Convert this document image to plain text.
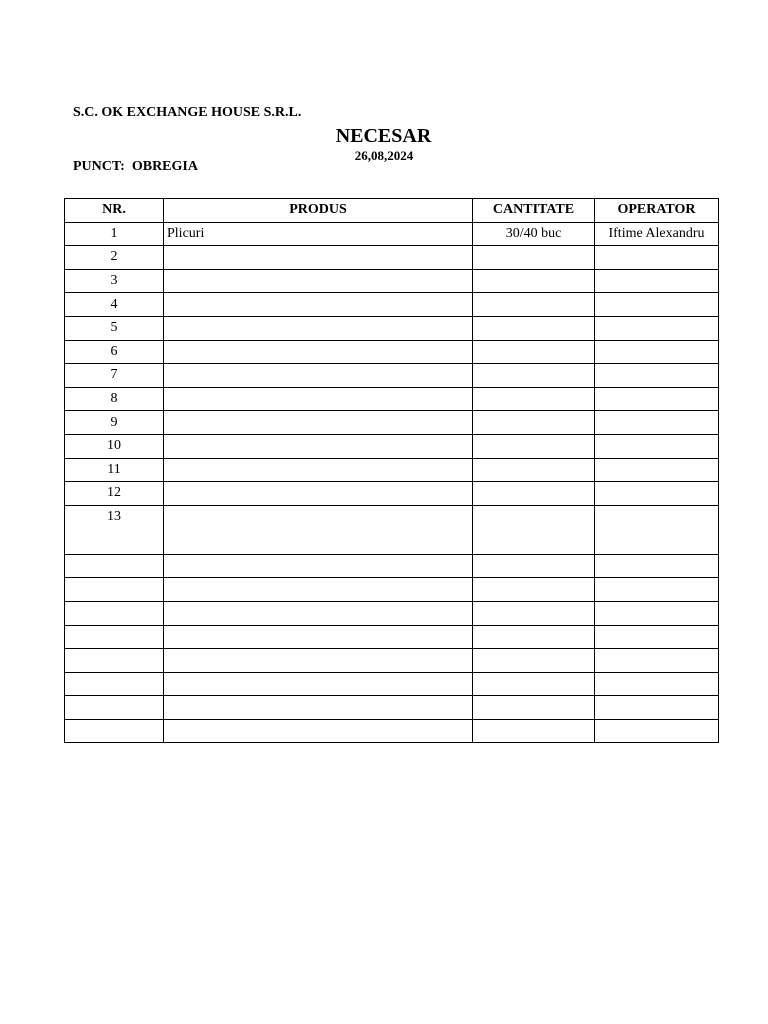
S.C. OK EXCHANGE HOUSE S.R.L.

PUNCT:  OBREGIA

NECESAR
26,08,2024
NR.	PRODUS	CANTITATE	OPERATOR
1	Plicuri	30/40 buc	Iftime Alexandru
2			
3			
4			
5			
6			
7			
8			
9			
10			
11			
12			
13			
